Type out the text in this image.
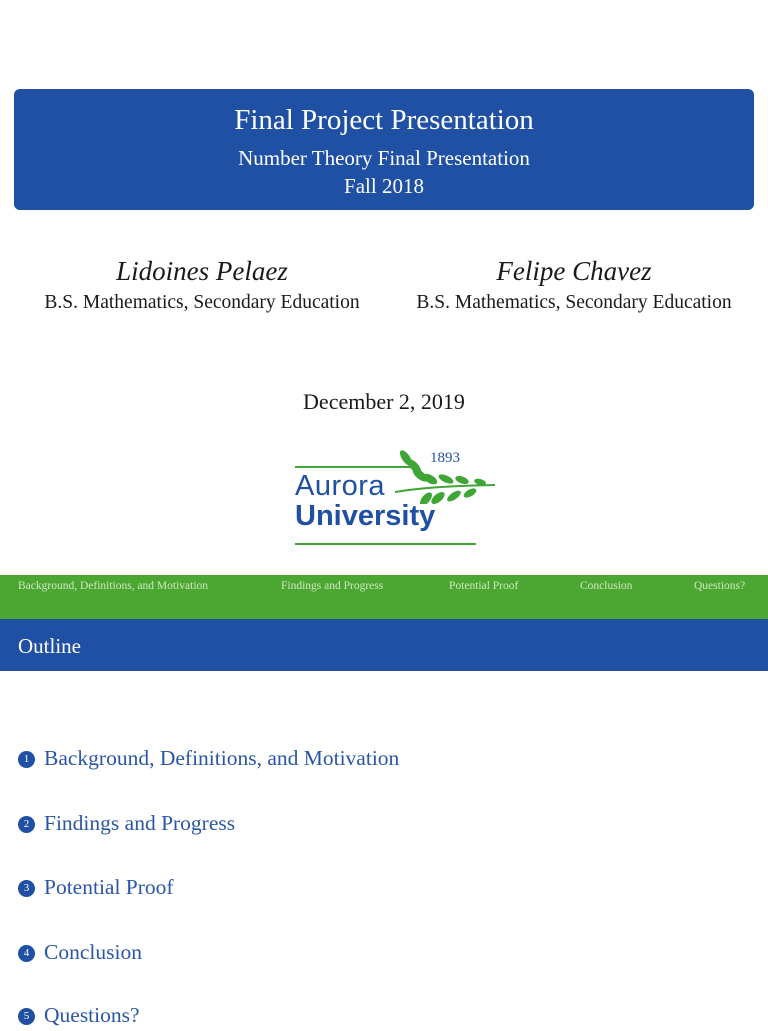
Final Project Presentation
Number Theory Final Presentation
Fall 2018
Lidoines Pelaez
B.S. Mathematics, Secondary Education
Felipe Chavez
B.S. Mathematics, Secondary Education
December 2, 2019
1893
Aurora
University
Background, Definitions, and Motivation	Findings and Progress	Potential Proof	Conclusion	Questions?
Outline
1 Background, Definitions, and Motivation
2 Findings and Progress
3 Potential Proof
4 Conclusion
5 Questions?
